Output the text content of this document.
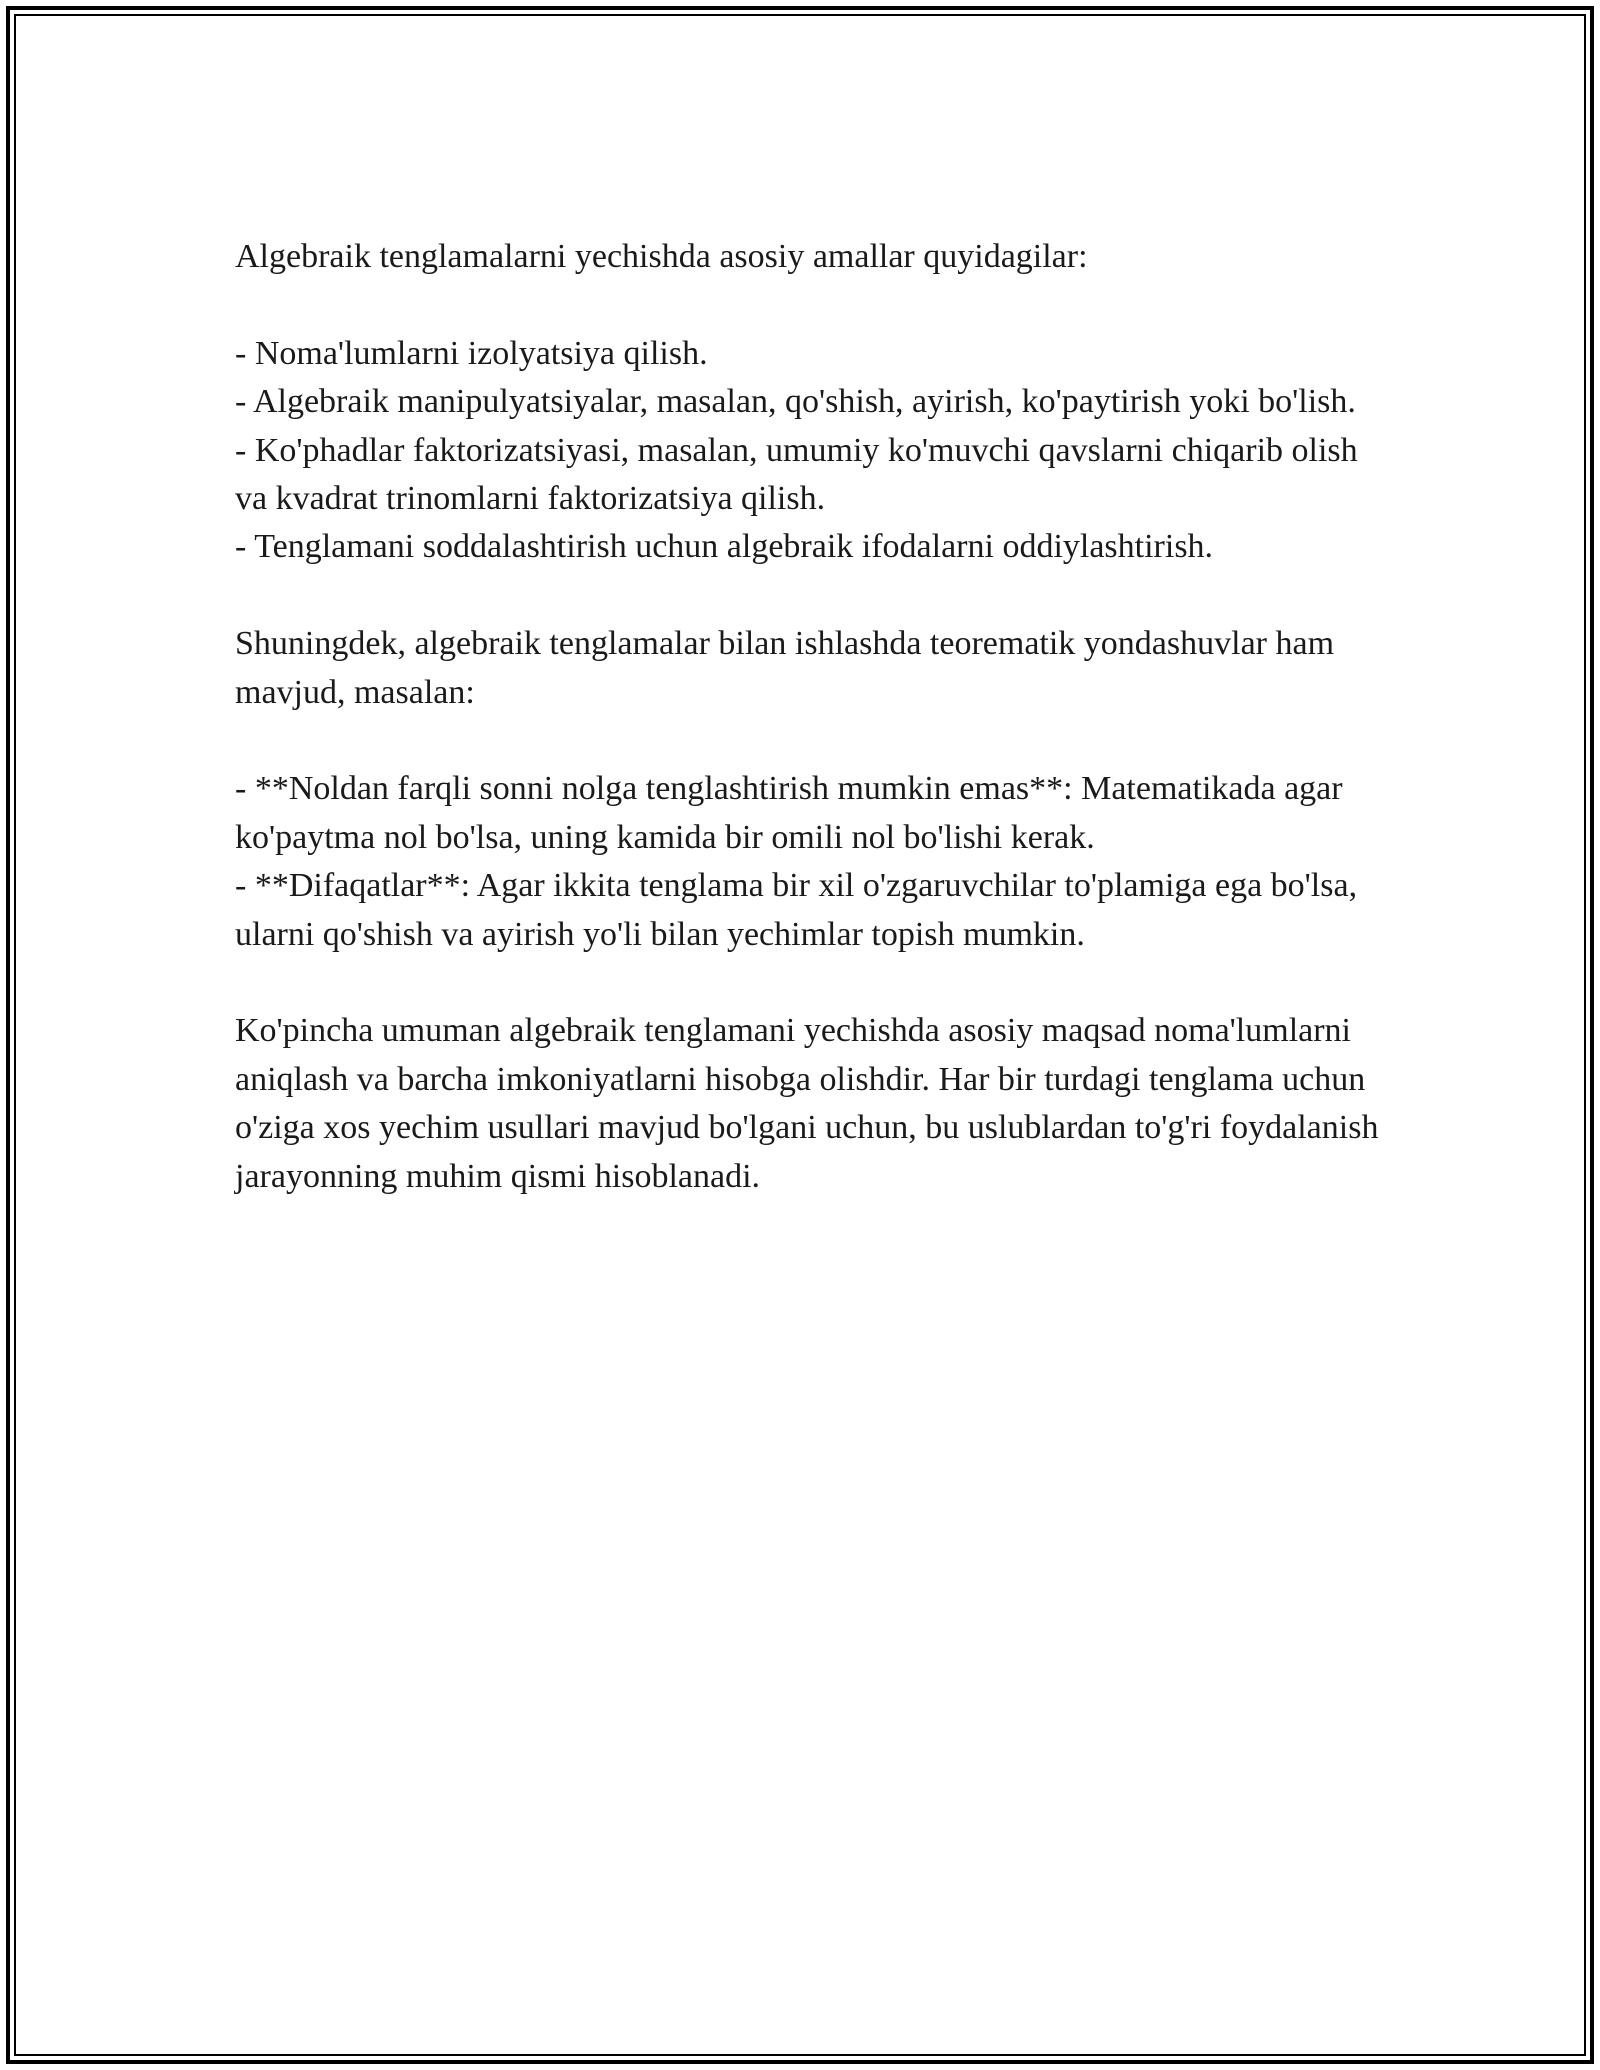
Algebraik tenglamalarni yechishda asosiy amallar quyidagilar:

- Noma'lumlarni izolyatsiya qilish.

- Algebraik manipulyatsiyalar, masalan, qo'shish, ayirish, ko'paytirish yoki bo'lish.

- Ko'phadlar faktorizatsiyasi, masalan, umumiy ko'muvchi qavslarni chiqarib olish va kvadrat trinomlarni faktorizatsiya qilish.

- Tenglamani soddalashtirish uchun algebraik ifodalarni oddiylashtirish.

Shuningdek, algebraik tenglamalar bilan ishlashda teorematik yondashuvlar ham mavjud, masalan:

- **Noldan farqli sonni nolga tenglashtirish mumkin emas**: Matematikada agar ko'paytma nol bo'lsa, uning kamida bir omili nol bo'lishi kerak.

- **Difaqatlar**: Agar ikkita tenglama bir xil o'zgaruvchilar to'plamiga ega bo'lsa, ularni qo'shish va ayirish yo'li bilan yechimlar topish mumkin.

Ko'pincha umuman algebraik tenglamani yechishda asosiy maqsad noma'lumlarni aniqlash va barcha imkoniyatlarni hisobga olishdir. Har bir turdagi tenglama uchun o'ziga xos yechim usullari mavjud bo'lgani uchun, bu uslublardan to'g'ri foydalanish jarayonning muhim qismi hisoblanadi.
